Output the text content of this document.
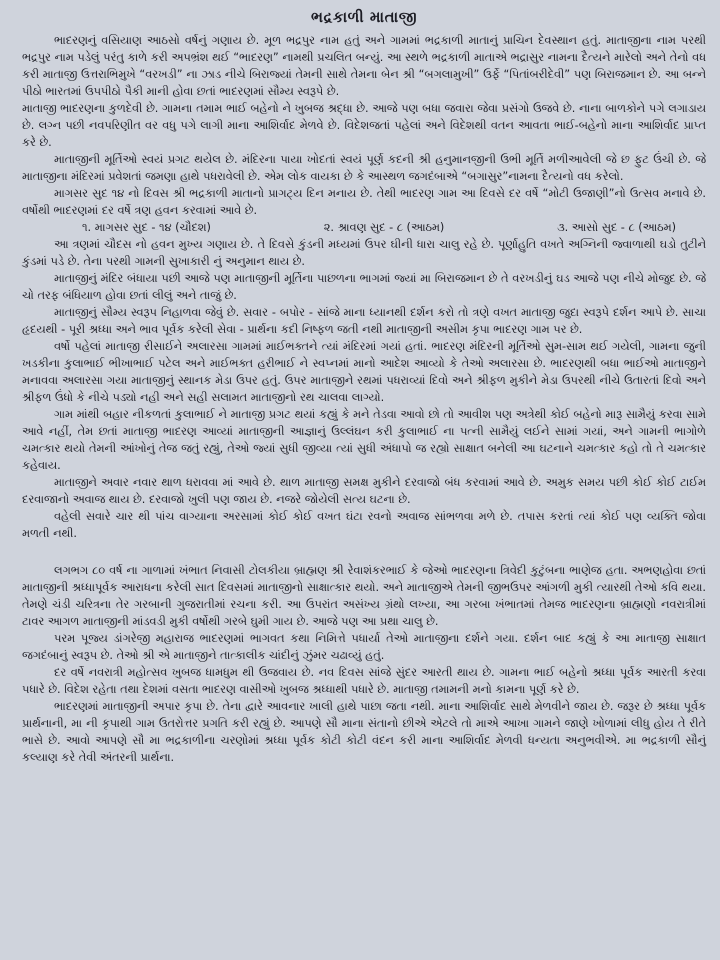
ભદ્રકાળી માતાજી

ભાદરણનું વસિયાણ આઠસો વર્ષનું ગણાય છે. મૂળ ભદ્રપુર નામ હતું અને ગામમાં ભદ્રકાળી માતાનું પ્રાચિન દેવસ્થાન હતું. માતાજીના નામ પરથી ભદ્રપુર નામ પડેલું પરંતુ કાળે કરી અપભ્રંશ થઈ “ભાદરણ” નામથી પ્રચલિત બન્યું. આ સ્થળે ભદ્રકાળી માતાએ ભદ્રાસુર નામના દૈત્યને મારેલો અને તેનો વધ કરી માતાજી ઉત્તરાભિમુખે “વરખડી” ના ઝાડ નીચે બિરાજ્યાં તેમની સાથે તેમના બેન શ્રી “બગલામુખી” ઉર્ફે “પિતાંબરીદેવી” પણ બિરાજમાન છે. આ બન્ને પીઠો ભારતમાં ઉપપીઠો પૈકી માની હોવા છતાં ભાદરણમાં સૌમ્ય સ્વરૂપે છે.

માતાજી ભાદરણના કુળદેવી છે. ગામના તમામ ભાઈ બહેનો ને ખુબજ શ્રદ્ધા છે. આજે પણ બધા જવારા જેવા પ્રસંગો ઉજવે છે. નાના બાળકોને પગે લગાડાય છે. લગ્ન પછી નવપરિણીત વર વધુ પગે લાગી માના આશિર્વાદ મેળવે છે. વિદેશજતાં પહેલાં અને વિદેશથી વતન આવતા ભાઈ-બહેનો માના આશિર્વાદ પ્રાપ્ત કરે છે.

માતાજીની મૂર્તિઓ સ્વયં પ્રગટ થયેલ છે. મંદિરના પાયા ખોદતાં સ્વયં પૂર્ણ કદની શ્રી હનુમાનજીની ઉભી મૂર્તિ મળીઆવેલી જે છ ફુટ ઉંચી છે. જે માતાજીના મંદિરમાં પ્રવેશતાં જમણા હાથે પધરાવેલી છે. એમ લોક વાયકા છે કે આસ્થળ જગદંબાએ “બગાસુર”નામના દૈત્યનો વધ કરેલો.

માગસર સુદ ૧૪ નો દિવસ શ્રી ભદ્રકાળી માતાનો પ્રાગટ્ય દિન મનાય છે. તેથી ભાદરણ ગામ આ દિવસે દર વર્ષે “મોટી ઉજાણી”નો ઉત્સવ મનાવે છે. વર્ષોથી ભાદરણમાં દર વર્ષે ત્રણ હવન કરવામાં આવે છે.

૧. માગસર સુદ - ૧૪ (ચૌદશ)	૨. શ્રાવણ સુદ - ૮ (આઠમ)	૩. આસો સુદ - ૮ (આઠમ)

આ ત્રણમાં ચૌદસ નો હવન મુખ્ય ગણાય છે. તે દિવસે કુંડની મધ્યમાં ઉપર ઘીની ધારા ચાલુ રહે છે. પૂર્ણાહુતિ વખતે અગ્નિની જ્વાળાથી ઘડો તુટીને કુંડમાં પડે છે. તેના પરથી ગામની સુખાકારી નું અનુમાન થાય છે.

માતાજીનું મંદિર બંધાયા પછી આજે પણ માતાજીની મૂર્તિના પાછળના ભાગમાં જ્યાં મા બિરાજમાન છે તે વરખડીનું ઘડ આજે પણ નીચે મોજુદ છે. જે ચો તરફ બંધિયાળ હોવા છતાં લીલું અને તાજું છે.

માતાજીનું સૌમ્ય સ્વરૂપ નિહાળવા જેવું છે. સવાર - બપોર - સાંજે માના ધ્યાનથી દર્શન કરો તો ત્રણે વખત માતાજી જુદા સ્વરૂપે દર્શન આપે છે. સાચા હૃદયથી - પૂરી શ્રધ્ધા અને ભાવ પૂર્વક કરેલી સેવા - પ્રાર્થના કદી નિષ્ફળ જતી નથી માતાજીની અસીમ કૃપા ભાદરણ ગામ પર છે.

વર્ષો પહેલાં માતાજી રીસાઈને અલારસા ગામમાં માઈભક્તને ત્યાં મંદિરમાં ગયાં હતાં. ભાદરણ મંદિરની મૂર્તિઓ સુમ-સામ થઈ ગયેલી, ગામના જુની ખડકીના કુલાભાઈ ભીખાભાઈ પટેલ અને માઈભક્ત હરીભાઈ ને સ્વપ્નમાં માનો આદેશ આવ્યો કે તેઓ અલારસા છે. ભાદરણથી બધા ભાઈઓ માતાજીને મનાવવા અલારસા ગયા માતાજીનું સ્થાનક મેડા ઉપર હતું. ઉપર માતાજીને રથમાં પધરાવ્યાં દિવો અને શ્રીફળ મુકીને મેડા ઉપરથી નીચે ઉતારતાં દિવો અને શ્રીફળ ઉંધો કે નીચે પડ્યો નહી અને સહી સલામત માતાજીનો રથ ચાલવા લાગ્યો.

ગામ માંથી બહાર નીકળતાં કુલાભાઈ ને માતાજી પ્રગટ થયાં કહ્યું કે મને તેડવા આવો છો તો આવીશ પણ અત્રેથી કોઈ બહેનો મારૂ સામૈયું કરવા સામે આવે નહીં, તેમ છતાં માતાજી ભાદરણ આવ્યાં માતાજીની આજ્ઞાનું ઉલ્લંઘન કરી કુલાભાઈ ના પત્ની સામૈયું લઈને સામાં ગયાં, અને ગામની ભાગોળે ચમત્કાર થયો તેમની આંખોનું તેજ જતું રહ્યું, તેઓ જ્યાં સુધી જીવ્યા ત્યાં સુધી અંધાપો જ રહ્યો સાક્ષાત બનેલી આ ઘટનાને ચમત્કાર કહો તો તે ચમત્કાર કહેવાય.

માતાજીને અવાર નવાર થાળ ધરાવવા માં આવે છે. થાળ માતાજી સમક્ષ મુકીને દરવાજો બંધ કરવામાં આવે છે. અમુક સમય પછી કોઈ કોઈ ટાઈમ દરવાજાનો અવાજ થાય છે. દરવાજો ખુલી પણ જાય છે. નજરે જોયેલી સત્ય ઘટના છે.

વહેલી સવારે ચાર થી પાંચ વાગ્યાના અરસામાં કોઈ કોઈ વખત ઘંટા રવનો અવાજ સાંભળવા મળે છે. તપાસ કરતાં ત્યાં કોઈ પણ વ્યક્તિ જોવા મળતી નથી.

લગભગ ૮૦ વર્ષ ના ગાળામાં ખંભાત નિવાસી ટોલકીયા બ્રાહ્મણ શ્રી રેવાશંકરભાઈ કે જેઓ ભાદરણના ત્રિવેદી કુટુંબના ભાણેજ હતા. અભણહોવા છતાં માતાજીની શ્રધ્ધાપૂર્વક આરાધના કરેલી સાત દિવસમાં માતાજીનો સાક્ષાત્કાર થયો. અને માતાજીએ તેમની જીભઉપર આંગળી મુકી ત્યારથી તેઓ કવિ થયા. તેમણે ચંડી ચરિત્રના તેર ગરબાની ગુજરાતીમાં રચના કરી. આ ઉપરાંત અસંખ્ય ગ્રંથો લખ્યા, આ ગરબા ખંભાતમાં તેમજ ભાદરણના બ્રાહ્મણો નવરાત્રીમાં ટાવર આગળ માતાજીની માંડવડી મુકી વર્ષોથી ગરબે ઘુમી ગાય છે. આજે પણ આ પ્રથા ચાલુ છે.

પરમ પૂજ્ય ડાંગરેજી મહારાજ ભાદરણમાં ભાગવત કથા નિમિત્તે પધાર્યા તેઓ માતાજીના દર્શને ગયા. દર્શન બાદ કહ્યું કે આ માતાજી સાક્ષાત જગદંબાનું સ્વરૂપ છે. તેઓ શ્રી એ માતાજીને તાત્કાલીક ચાંદીનું ઝુંમર ચઢાવ્યું હતું.

દર વર્ષે નવરાત્રી મહોત્સવ ખુબજ ધામધુમ થી ઉજવાય છે. નવ દિવસ સાંજે સુંદર આરતી થાય છે. ગામના ભાઈ બહેનો શ્રધ્ધા પૂર્વક આરતી કરવા પધારે છે. વિદેશ રહેતા તથા દેશમાં વસતા ભાદરણ વાસીઓ ખુબજ શ્રધ્ધાથી પધારે છે. માતાજી તમામની મનો કામના પૂર્ણ કરે છે.

ભાદરણમાં માતાજીની અપાર કૃપા છે. તેના દ્વારે આવનાર ખાલી હાથે પાછા જતા નથી. માના આશિર્વાદ સાથે મેળવીને જાય છે. જરૂર છે શ્રધ્ધા પૂર્વક પ્રાર્થનાની, મા ની કૃપાથી ગામ ઉતરોત્તર પ્રગતિ કરી રહ્યું છે. આપણે સૌ માના સંતાનો છીએ એટલે તો માએ આખા ગામને જાણે ખોળામાં લીધુ હોય તે રીતે ભાસે છે. આવો આપણે સૌ મા ભદ્રકાળીના ચરણોમાં શ્રધ્ધા પૂર્વક કોટી કોટી વંદન કરી માના આશિર્વાદ મેળવી ધન્યતા અનુભવીએ. મા ભદ્રકાળી સૌનું કલ્યાણ કરે તેવી અંતરની પ્રાર્થના.
